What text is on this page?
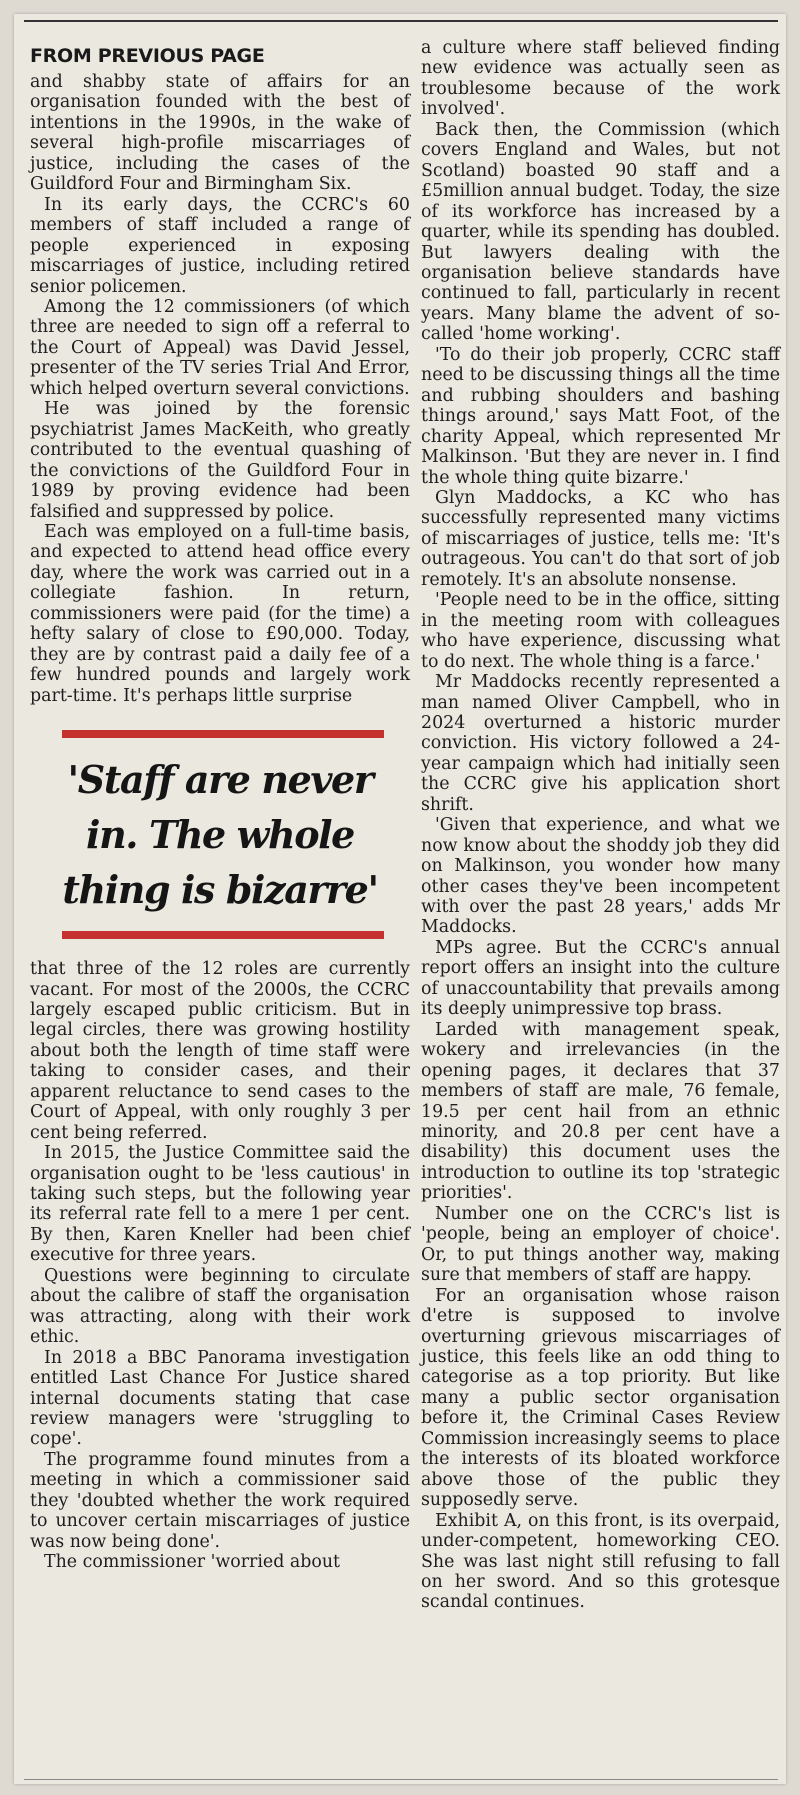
FROM PREVIOUS PAGE

and shabby state of affairs for an organisation founded with the best of intentions in the 1990s, in the wake of several high-profile miscarriages of justice, including the cases of the Guildford Four and Birmingham Six.

In its early days, the CCRC's 60 members of staff included a range of people experienced in exposing miscarriages of justice, including retired senior policemen.

Among the 12 commissioners (of which three are needed to sign off a referral to the Court of Appeal) was David Jessel, presenter of the TV series Trial And Error, which helped overturn several convictions.

He was joined by the forensic psychiatrist James MacKeith, who greatly contributed to the eventual quashing of the convictions of the Guildford Four in 1989 by proving evidence had been falsified and suppressed by police.

Each was employed on a full-time basis, and expected to attend head office every day, where the work was carried out in a collegiate fashion. In return, commissioners were paid (for the time) a hefty salary of close to £90,000. Today, they are by contrast paid a daily fee of a few hundred pounds and largely work part-time. It's perhaps little surprise

'Staff are never in. The whole thing is bizarre'

that three of the 12 roles are currently vacant. For most of the 2000s, the CCRC largely escaped public criticism. But in legal circles, there was growing hostility about both the length of time staff were taking to consider cases, and their apparent reluctance to send cases to the Court of Appeal, with only roughly 3 per cent being referred.

In 2015, the Justice Committee said the organisation ought to be 'less cautious' in taking such steps, but the following year its referral rate fell to a mere 1 per cent. By then, Karen Kneller had been chief executive for three years.

Questions were beginning to circulate about the calibre of staff the organisation was attracting, along with their work ethic.

In 2018 a BBC Panorama investigation entitled Last Chance For Justice shared internal documents stating that case review managers were 'struggling to cope'.

The programme found minutes from a meeting in which a commissioner said they 'doubted whether the work required to uncover certain miscarriages of justice was now being done'.

The commissioner 'worried about

a culture where staff believed finding new evidence was actually seen as troublesome because of the work involved'.

Back then, the Commission (which covers England and Wales, but not Scotland) boasted 90 staff and a £5million annual budget. Today, the size of its workforce has increased by a quarter, while its spending has doubled. But lawyers dealing with the organisation believe standards have continued to fall, particularly in recent years. Many blame the advent of so-called 'home working'.

'To do their job properly, CCRC staff need to be discussing things all the time and rubbing shoulders and bashing things around,' says Matt Foot, of the charity Appeal, which represented Mr Malkinson. 'But they are never in. I find the whole thing quite bizarre.'

Glyn Maddocks, a KC who has successfully represented many victims of miscarriages of justice, tells me: 'It's outrageous. You can't do that sort of job remotely. It's an absolute nonsense.

'People need to be in the office, sitting in the meeting room with colleagues who have experience, discussing what to do next. The whole thing is a farce.'

Mr Maddocks recently represented a man named Oliver Campbell, who in 2024 overturned a historic murder conviction. His victory followed a 24-year campaign which had initially seen the CCRC give his application short shrift.

'Given that experience, and what we now know about the shoddy job they did on Malkinson, you wonder how many other cases they've been incompetent with over the past 28 years,' adds Mr Maddocks.

MPs agree. But the CCRC's annual report offers an insight into the culture of unaccountability that prevails among its deeply unimpressive top brass.

Larded with management speak, wokery and irrelevancies (in the opening pages, it declares that 37 members of staff are male, 76 female, 19.5 per cent hail from an ethnic minority, and 20.8 per cent have a disability) this document uses the introduction to outline its top 'strategic priorities'.

Number one on the CCRC's list is 'people, being an employer of choice'. Or, to put things another way, making sure that members of staff are happy.

For an organisation whose raison d'etre is supposed to involve overturning grievous miscarriages of justice, this feels like an odd thing to categorise as a top priority. But like many a public sector organisation before it, the Criminal Cases Review Commission increasingly seems to place the interests of its bloated workforce above those of the public they supposedly serve.

Exhibit A, on this front, is its overpaid, under-competent, homeworking CEO. She was last night still refusing to fall on her sword. And so this grotesque scandal continues.
